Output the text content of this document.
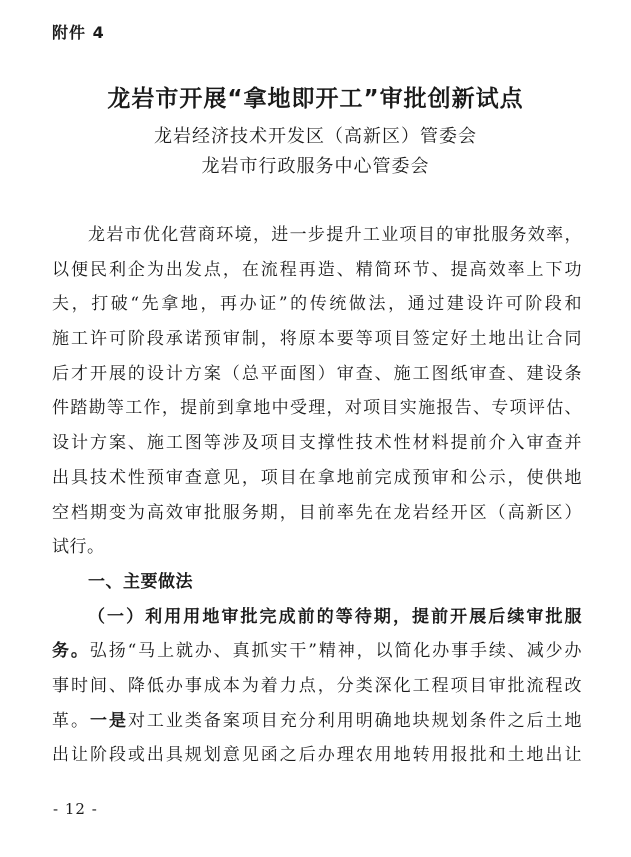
附件 4
龙岩市开展“拿地即开工”审批创新试点
龙岩经济技术开发区（高新区）管委会
龙岩市行政服务中心管委会
龙岩市优化营商环境，进一步提升工业项目的审批服务效率，
以便民利企为出发点，在流程再造、精简环节、提高效率上下功
夫，打破“先拿地，再办证”的传统做法，通过建设许可阶段和
施工许可阶段承诺预审制，将原本要等项目签定好土地出让合同
后才开展的设计方案（总平面图）审查、施工图纸审查、建设条
件踏勘等工作，提前到拿地中受理，对项目实施报告、专项评估、
设计方案、施工图等涉及项目支撑性技术性材料提前介入审查并
出具技术性预审查意见，项目在拿地前完成预审和公示，使供地
空档期变为高效审批服务期，目前率先在龙岩经开区（高新区）
试行。
一、主要做法
（一）利用用地审批完成前的等待期，提前开展后续审批服
务。弘扬“马上就办、真抓实干”精神，以简化办事手续、减少办
事时间、降低办事成本为着力点，分类深化工程项目审批流程改
革。一是对工业类备案项目充分利用明确地块规划条件之后土地
出让阶段或出具规划意见函之后办理农用地转用报批和土地出让
- 12 -
